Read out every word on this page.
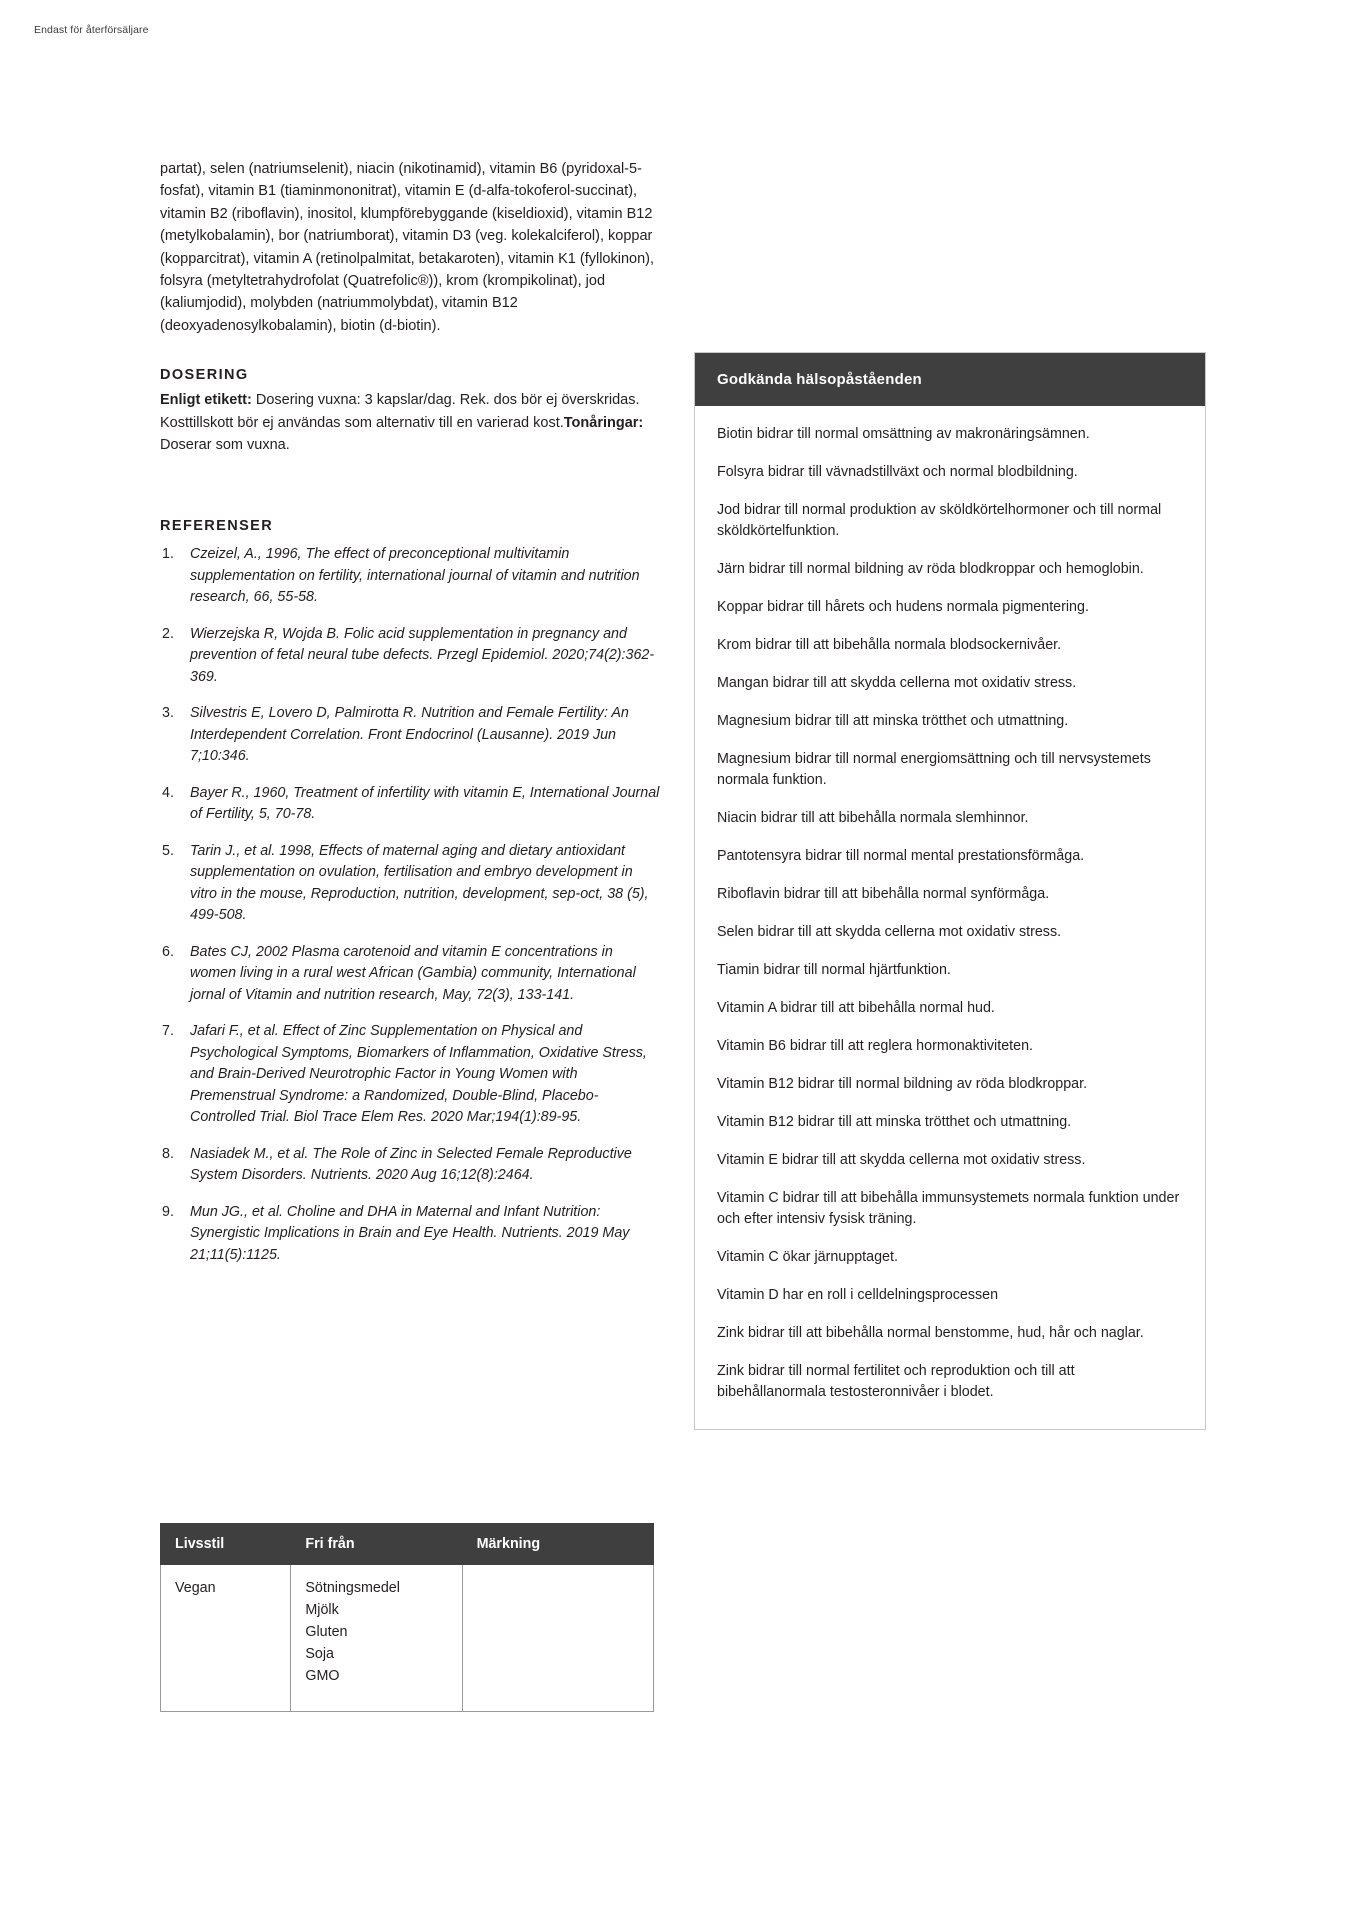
Endast för återförsäljare
partat), selen (natriumselenit), niacin (nikotinamid), vitamin B6 (pyridoxal-5-fosfat), vitamin B1 (tiaminmononitrat), vitamin E (d-alfa-tokoferol-succinat), vitamin B2 (riboflavin), inositol, klumpförebyggande (kiseldioxid), vitamin B12 (metylkobalamin), bor (natriumborat), vitamin D3 (veg. kolekalciferol), koppar (kopparcitrat), vitamin A (retinolpalmitat, betakaroten), vitamin K1 (fyllokinon), folsyra (metyltetrahydrofolat (Quatrefolic®)), krom (krompikolinat), jod (kaliumjodid), molybden (natriummolybdat), vitamin B12 (deoxyadenosylkobalamin), biotin (d-biotin).
DOSERING
Enligt etikett: Dosering vuxna: 3 kapslar/dag. Rek. dos bör ej överskridas. Kosttillskott bör ej användas som alternativ till en varierad kost.Tonåringar: Doserar som vuxna.
REFERENSER
Czeizel, A., 1996, The effect of preconceptional multivitamin supplementation on fertility, international journal of vitamin and nutrition research, 66, 55-58.
Wierzejska R, Wojda B. Folic acid supplementation in pregnancy and prevention of fetal neural tube defects. Przegl Epidemiol. 2020;74(2):362-369.
Silvestris E, Lovero D, Palmirotta R. Nutrition and Female Fertility: An Interdependent Correlation. Front Endocrinol (Lausanne). 2019 Jun 7;10:346.
Bayer R., 1960, Treatment of infertility with vitamin E, International Journal of Fertility, 5, 70-78.
Tarin J., et al. 1998, Effects of maternal aging and dietary antioxidant supplementation on ovulation, fertilisation and embryo development in vitro in the mouse, Reproduction, nutrition, development, sep-oct, 38 (5), 499-508.
Bates CJ, 2002 Plasma carotenoid and vitamin E concentrations in women living in a rural west African (Gambia) community, International jornal of Vitamin and nutrition research, May, 72(3), 133-141.
Jafari F., et al. Effect of Zinc Supplementation on Physical and Psychological Symptoms, Biomarkers of Inflammation, Oxidative Stress, and Brain-Derived Neurotrophic Factor in Young Women with Premenstrual Syndrome: a Randomized, Double-Blind, Placebo-Controlled Trial. Biol Trace Elem Res. 2020 Mar;194(1):89-95.
Nasiadek M., et al. The Role of Zinc in Selected Female Reproductive System Disorders. Nutrients. 2020 Aug 16;12(8):2464.
Mun JG., et al. Choline and DHA in Maternal and Infant Nutrition: Synergistic Implications in Brain and Eye Health. Nutrients. 2019 May 21;11(5):1125.
Godkända hälsopåståenden

Biotin bidrar till normal omsättning av makronäringsämnen.

Folsyra bidrar till vävnadstillväxt och normal blodbildning.

Jod bidrar till normal produktion av sköldkörtelhormoner och till normal sköldkörtelfunktion.

Järn bidrar till normal bildning av röda blodkroppar och hemoglobin.

Koppar bidrar till hårets och hudens normala pigmentering.

Krom bidrar till att bibehålla normala blodsockernivåer.

Mangan bidrar till att skydda cellerna mot oxidativ stress.

Magnesium bidrar till att minska trötthet och utmattning.

Magnesium bidrar till normal energiomsättning och till nervsystemets normala funktion.

Niacin bidrar till att bibehålla normala slemhinnor.

Pantotensyra bidrar till normal mental prestationsförmåga.

Riboflavin bidrar till att bibehålla normal synförmåga.

Selen bidrar till att skydda cellerna mot oxidativ stress.

Tiamin bidrar till normal hjärtfunktion.

Vitamin A bidrar till att bibehålla normal hud.

Vitamin B6 bidrar till att reglera hormonaktiviteten.

Vitamin B12 bidrar till normal bildning av röda blodkroppar.

Vitamin B12 bidrar till att minska trötthet och utmattning.

Vitamin E bidrar till att skydda cellerna mot oxidativ stress.

Vitamin C bidrar till att bibehålla immunsystemets normala funktion under och efter intensiv fysisk träning.

Vitamin C ökar järnupptaget.

Vitamin D har en roll i celldelningsprocessen

Zink bidrar till att bibehålla normal benstomme, hud, hår och naglar.

Zink bidrar till normal fertilitet och reproduktion och till att bibehållanormala testosteronnivåer i blodet.

Livsstil	Fri från	Märkning
Vegan	Sötningsmedel
Mjölk
Gluten
Soja
GMO	
